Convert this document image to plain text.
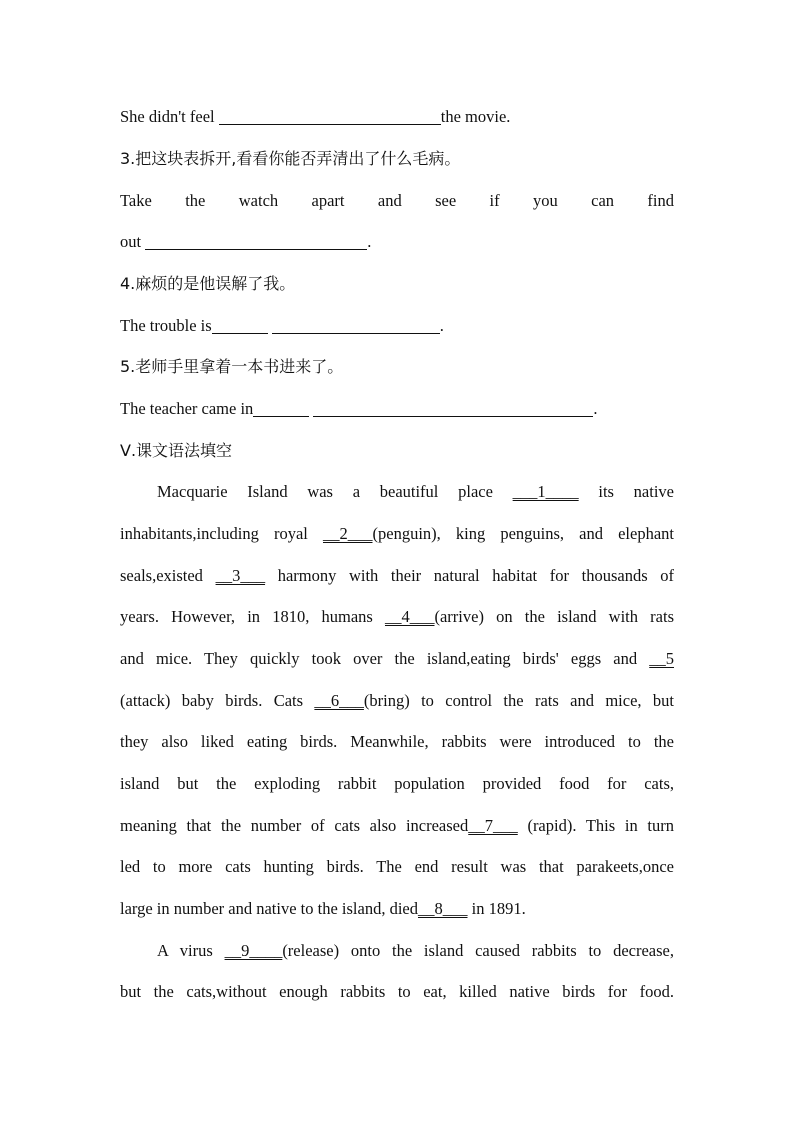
She didn't feel	the movie.
3.把这块表拆开,看看你能否弄清出了什么毛病。
Take the watch apart and see if you can find
out	.
4.麻烦的是他误解了我。
The trouble is	.
5.老师手里拿着一本书进来了。
The teacher came in	.
Ⅴ.课文语法填空
Macquarie Island was a beautiful place ___1____ its native
inhabitants,including royal __2___(penguin), king penguins, and elephant
seals,existed __3___ harmony with their natural habitat for thousands of
years. However, in 1810, humans __4___(arrive) on the island with rats
and mice. They quickly took over the island,eating birds' eggs and __5
(attack) baby birds. Cats __6___(bring) to control the rats and mice, but
they also liked eating birds. Meanwhile, rabbits were introduced to the
island but the exploding rabbit population provided food for cats,
meaning that the number of cats also increased__7___ (rapid). This in turn
led to more cats hunting birds. The end result was that parakeets,once
large in number and native to the island, died__8___ in 1891.
A virus __9____(release) onto the island caused rabbits to decrease,
but the cats,without enough rabbits to eat, killed native birds for food.
